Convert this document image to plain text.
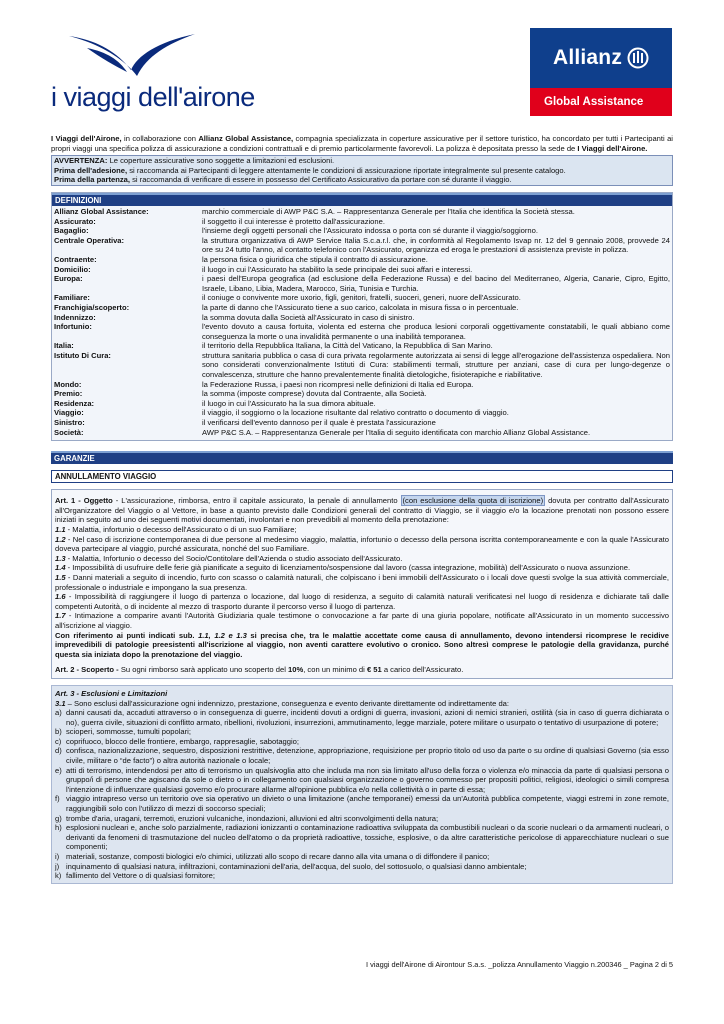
i viaggi dell'airone
Allianz
Global Assistance
I Viaggi dell'Airone, in collaborazione con Allianz Global Assistance, compagnia specializzata in coperture assicurative per il settore turistico, ha concordato per tutti i Partecipanti ai propri viaggi una specifica polizza di assicurazione a condizioni contrattuali e di premio particolarmente favorevoli. La polizza è depositata presso la sede de I Viaggi dell'Airone.
AVVERTENZA: Le coperture assicurative sono soggette a limitazioni ed esclusioni.
Prima dell'adesione, si raccomanda ai Partecipanti di leggere attentamente le condizioni di assicurazione riportate integralmente sul presente catalogo.
Prima della partenza, si raccomanda di verificare di essere in possesso del Certificato Assicurativo da portare con sé durante il viaggio.
DEFINIZIONI
Allianz Global Assistance:	marchio commerciale di AWP P&C S.A. – Rappresentanza Generale per l'Italia che identifica la Società stessa.
Assicurato:	il soggetto il cui interesse è protetto dall'assicurazione.
Bagaglio:	l'insieme degli oggetti personali che l'Assicurato indossa o porta con sé durante il viaggio/soggiorno.
Centrale Operativa:	la struttura organizzativa di AWP Service Italia S.c.a.r.l. che, in conformità al Regolamento Isvap nr. 12 del 9 gennaio 2008, provvede 24 ore su 24 tutto l'anno, al contatto telefonico con l'Assicurato, organizza ed eroga le prestazioni di assistenza previste in polizza.
Contraente:	la persona fisica o giuridica che stipula il contratto di assicurazione.
Domicilio:	il luogo in cui l'Assicurato ha stabilito la sede principale dei suoi affari e interessi.
Europa:	i paesi dell'Europa geografica (ad esclusione della Federazione Russa) e del bacino del Mediterraneo, Algeria, Canarie, Cipro, Egitto, Israele, Libano, Libia, Madera, Marocco, Siria, Tunisia e Turchia.
Familiare:	il coniuge o convivente more uxorio, figli, genitori, fratelli, suoceri, generi, nuore dell'Assicurato.
Franchigia/scoperto:	la parte di danno che l'Assicurato tiene a suo carico, calcolata in misura fissa o in percentuale.
Indennizzo:	la somma dovuta dalla Società all'Assicurato in caso di sinistro.
Infortunio:	l'evento dovuto a causa fortuita, violenta ed esterna che produca lesioni corporali oggettivamente constatabili, le quali abbiano come conseguenza la morte o una invalidità permanente o una inabilità temporanea.
Italia:	il territorio della Repubblica Italiana, la Città del Vaticano, la Repubblica di San Marino.
Istituto Di Cura:	struttura sanitaria pubblica o casa di cura privata regolarmente autorizzata ai sensi di legge all'erogazione dell'assistenza ospedaliera. Non sono considerati convenzionalmente Istituti di Cura: stabilimenti termali, strutture per anziani, case di cura per lungo-degenze o convalescenza, strutture che hanno prevalentemente finalità dietologiche, fisioterapiche e riabilitative.
Mondo:	la Federazione Russa, i paesi non ricompresi nelle definizioni di Italia ed Europa.
Premio:	la somma (imposte comprese) dovuta dal Contraente, alla Società.
Residenza:	il luogo in cui l'Assicurato ha la sua dimora abituale.
Viaggio:	il viaggio, il soggiorno o la locazione risultante dal relativo contratto o documento di viaggio.
Sinistro:	il verificarsi dell'evento dannoso per il quale è prestata l'assicurazione
Società:	AWP P&C S.A. – Rappresentanza Generale per l'Italia di seguito identificata con marchio Allianz Global Assistance.
GARANZIE
ANNULLAMENTO VIAGGIO
Art. 1 - Oggetto - L'assicurazione, rimborsa, entro il capitale assicurato, la penale di annullamento (con esclusione della quota di iscrizione) dovuta per contratto dall'Assicurato all'Organizzatore del Viaggio o al Vettore, in base a quanto previsto dalle Condizioni generali del contratto di Viaggio, se il viaggio e/o la locazione prenotati non possono essere iniziati in seguito ad uno dei seguenti motivi documentati, involontari e non prevedibili al momento della prenotazione:
1.1 - Malattia, infortunio o decesso dell'Assicurato o di un suo Familiare;
1.2 - Nel caso di iscrizione contemporanea di due persone al medesimo viaggio, malattia, infortunio o decesso della persona iscritta contemporaneamente e con la quale l'Assicurato doveva partecipare al viaggio, purché assicurata, nonché del suo Familiare.
1.3 - Malattia, Infortunio o decesso del Socio/Contitolare dell'Azienda o studio associato dell'Assicurato.
1.4 - Impossibilità di usufruire delle ferie già pianificate a seguito di licenziamento/sospensione dal lavoro (cassa integrazione, mobilità) dell'Assicurato o nuova assunzione.
1.5 - Danni materiali a seguito di incendio, furto con scasso o calamità naturali, che colpiscano i beni immobili dell'Assicurato o i locali dove questi svolge la sua attività commerciale, professionale o industriale e impongano la sua presenza.
1.6 - Impossibilità di raggiungere il luogo di partenza o locazione, dal luogo di residenza, a seguito di calamità naturali verificatesi nel luogo di residenza e dichiarate tali dalle competenti Autorità, o di incidente al mezzo di trasporto durante il percorso verso il luogo di partenza.
1.7 - Intimazione a comparire avanti l'Autorità Giudiziaria quale testimone o convocazione a far parte di una giuria popolare, notificate all'Assicurato in un momento successivo all'iscrizione al viaggio.
Con riferimento ai punti indicati sub. 1.1, 1.2 e 1.3 si precisa che, tra le malattie accettate come causa di annullamento, devono intendersi ricomprese le recidive imprevedibili di patologie preesistenti all'iscrizione al viaggio, non aventi carattere evolutivo o cronico. Sono altresì comprese le patologie della gravidanza, purché questa sia iniziata dopo la prenotazione del viaggio.
Art. 2 - Scoperto - Su ogni rimborso sarà applicato uno scoperto del 10%, con un minimo di € 51 a carico dell'Assicurato.
Art. 3 - Esclusioni e Limitazioni
3.1 – Sono esclusi dall'assicurazione ogni indennizzo, prestazione, conseguenza e evento derivante direttamente od indirettamente da:
a) danni causati da, accaduti attraverso o in conseguenza di guerre, incidenti dovuti a ordigni di guerra, invasioni, azioni di nemici stranieri, ostilità (sia in caso di guerra dichiarata o no), guerra civile, situazioni di conflitto armato, ribellioni, rivoluzioni, insurrezioni, ammutinamento, legge marziale, potere militare o usurpato o tentativo di usurpazione di potere;
b) scioperi, sommosse, tumulti popolari;
c) coprifuoco, blocco delle frontiere, embargo, rappresaglie, sabotaggio;
d) confisca, nazionalizzazione, sequestro, disposizioni restrittive, detenzione, appropriazione, requisizione per proprio titolo od uso da parte o su ordine di qualsiasi Governo (sia esso civile, militare o “de facto”) o altra autorità nazionale o locale;
e) atti di terrorismo, intendendosi per atto di terrorismo un qualsivoglia atto che includa ma non sia limitato all'uso della forza o violenza e/o minaccia da parte di qualsiasi persona o gruppo/i di persone che agiscano da sole o dietro o in collegamento con qualsiasi organizzazione o governo commesso per propositi politici, religiosi, ideologici o simili compresa l'intenzione di influenzare qualsiasi governo e/o procurare allarme all'opinione pubblica e/o nella collettività o in parte di essa;
f) viaggio intrapreso verso un territorio ove sia operativo un divieto o una limitazione (anche temporanei) emessi da un'Autorità pubblica competente, viaggi estremi in zone remote, raggiungibili solo con l'utilizzo di mezzi di soccorso speciali;
g) trombe d'aria, uragani, terremoti, eruzioni vulcaniche, inondazioni, alluvioni ed altri sconvolgimenti della natura;
h) esplosioni nucleari e, anche solo parzialmente, radiazioni ionizzanti o contaminazione radioattiva sviluppata da combustibili nucleari o da scorie nucleari o da armamenti nucleari, o derivanti da fenomeni di trasmutazione del nucleo dell'atomo o da proprietà radioattive, tossiche, esplosive, o da altre caratteristiche pericolose di apparecchiature nucleari o sue componenti;
i) materiali, sostanze, composti biologici e/o chimici, utilizzati allo scopo di recare danno alla vita umana o di diffondere il panico;
j) inquinamento di qualsiasi natura, infiltrazioni, contaminazioni dell'aria, dell'acqua, del suolo, del sottosuolo, o qualsiasi danno ambientale;
k) fallimento del Vettore o di qualsiasi fornitore;
I viaggi dell'Airone di Airontour S.a.s. _polizza Annullamento Viaggio n.200346 _ Pagina 2 di 5
